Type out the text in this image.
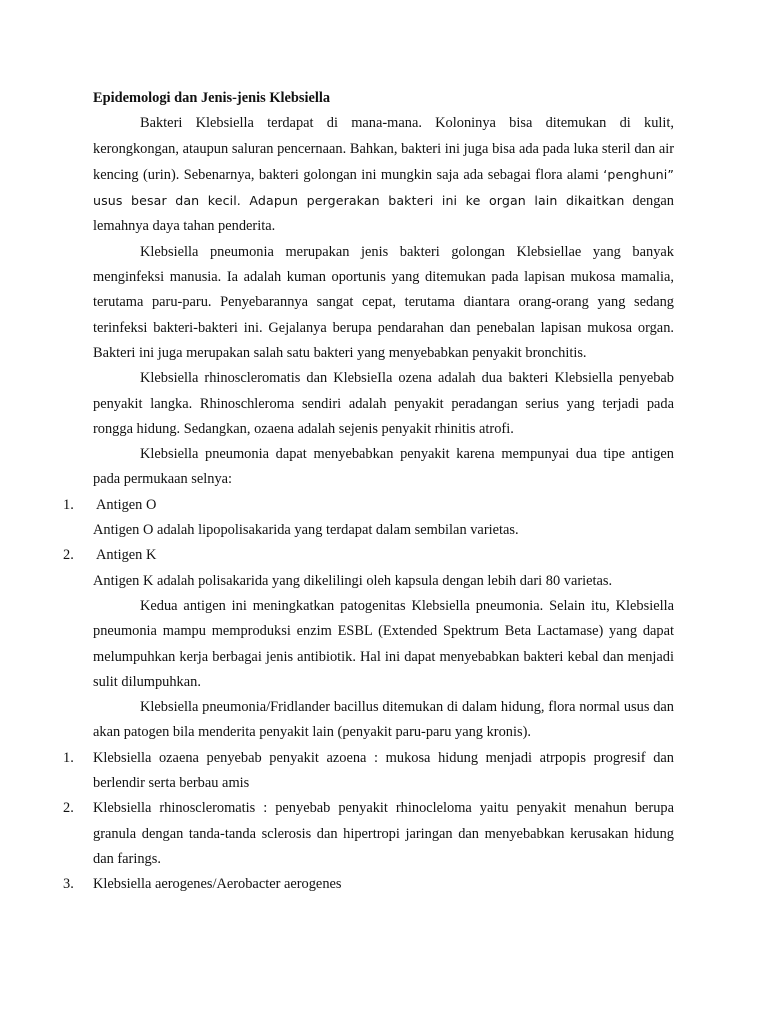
Epidemologi dan Jenis-jenis Klebsiella

Bakteri Klebsiella terdapat di mana-mana. Koloninya bisa ditemukan di kulit, kerongkongan, ataupun saluran pencernaan. Bahkan, bakteri ini juga bisa ada pada luka steril dan air kencing (urin). Sebenarnya, bakteri golongan ini mungkin saja ada sebagai flora alami ‘penghuni” usus besar dan kecil. Adapun pergerakan bakteri ini ke organ lain dikaitkan dengan lemahnya daya tahan penderita.

Klebsiella pneumonia merupakan jenis bakteri golongan Klebsiellae yang banyak menginfeksi manusia. Ia adalah kuman oportunis yang ditemukan pada lapisan mukosa mamalia, terutama paru-paru. Penyebarannya sangat cepat, terutama diantara orang-orang yang sedang terinfeksi bakteri-bakteri ini. Gejalanya berupa pendarahan dan penebalan lapisan mukosa organ. Bakteri ini juga merupakan salah satu bakteri yang menyebabkan penyakit bronchitis.

Klebsiella rhinoscleromatis dan KlebsieIla ozena adalah dua bakteri Klebsiella penyebab penyakit langka. Rhinoschleroma sendiri adalah penyakit peradangan serius yang terjadi pada rongga hidung. Sedangkan, ozaena adalah sejenis penyakit rhinitis atrofi.

Klebsiella pneumonia dapat menyebabkan penyakit karena mempunyai dua tipe antigen pada permukaan selnya:

1. Antigen O

Antigen O adalah lipopolisakarida yang terdapat dalam sembilan varietas.

2. Antigen K

Antigen K adalah polisakarida yang dikelilingi oleh kapsula dengan lebih dari 80 varietas.

Kedua antigen ini meningkatkan patogenitas Klebsiella pneumonia. Selain itu, Klebsiella pneumonia mampu memproduksi enzim ESBL (Extended Spektrum Beta Lactamase) yang dapat melumpuhkan kerja berbagai jenis antibiotik. Hal ini dapat menyebabkan bakteri kebal dan menjadi sulit dilumpuhkan.

Klebsiella pneumonia/Fridlander bacillus ditemukan di dalam hidung, flora normal usus dan akan patogen bila menderita penyakit lain (penyakit paru-paru yang kronis).

1. Klebsiella ozaena penyebab penyakit azoena : mukosa hidung menjadi atrpopis progresif dan berlendir serta berbau amis

2. Klebsiella rhinoscleromatis : penyebab penyakit rhinocleloma yaitu penyakit menahun berupa granula dengan tanda-tanda sclerosis dan hipertropi jaringan dan menyebabkan kerusakan hidung dan farings.

3. Klebsiella aerogenes/Aerobacter aerogenes
